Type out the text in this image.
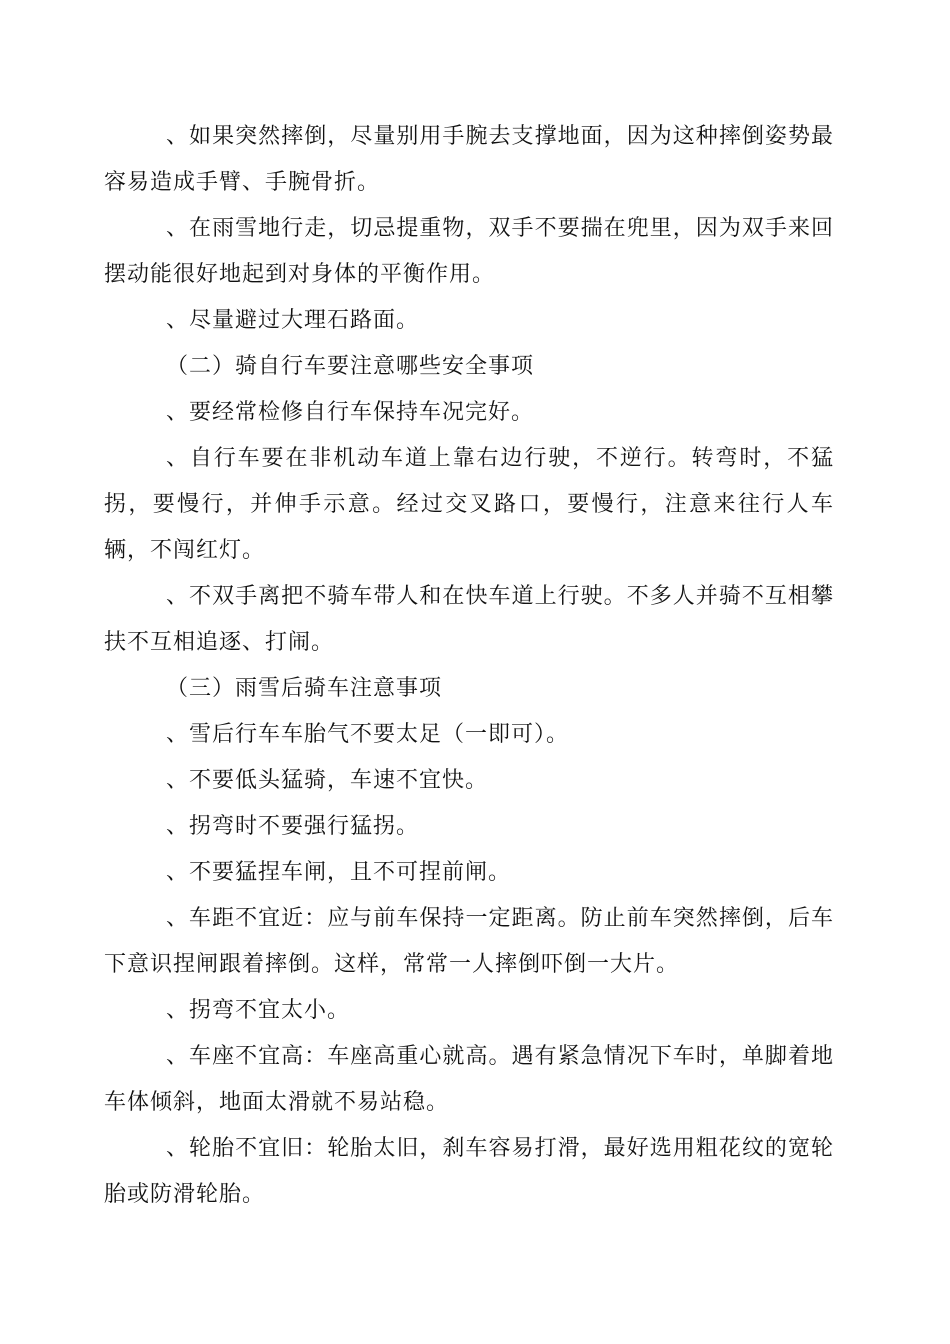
、如果突然摔倒，尽量别用手腕去支撑地面，因为这种摔倒姿势最容易造成手臂、手腕骨折。

、在雨雪地行走，切忌提重物，双手不要揣在兜里，因为双手来回摆动能很好地起到对身体的平衡作用。

、尽量避过大理石路面。

（二）骑自行车要注意哪些安全事项

、要经常检修自行车保持车况完好。

、自行车要在非机动车道上靠右边行驶，不逆行。转弯时，不猛拐，要慢行，并伸手示意。经过交叉路口，要慢行，注意来往行人车辆，不闯红灯。

、不双手离把不骑车带人和在快车道上行驶。不多人并骑不互相攀扶不互相追逐、打闹。

（三）雨雪后骑车注意事项

、雪后行车车胎气不要太足（一即可）。

、不要低头猛骑，车速不宜快。

、拐弯时不要强行猛拐。

、不要猛捏车闸，且不可捏前闸。

、车距不宜近：应与前车保持一定距离。防止前车突然摔倒，后车下意识捏闸跟着摔倒。这样，常常一人摔倒吓倒一大片。

、拐弯不宜太小。

、车座不宜高：车座高重心就高。遇有紧急情况下车时，单脚着地车体倾斜，地面太滑就不易站稳。

、轮胎不宜旧：轮胎太旧，刹车容易打滑，最好选用粗花纹的宽轮胎或防滑轮胎。
